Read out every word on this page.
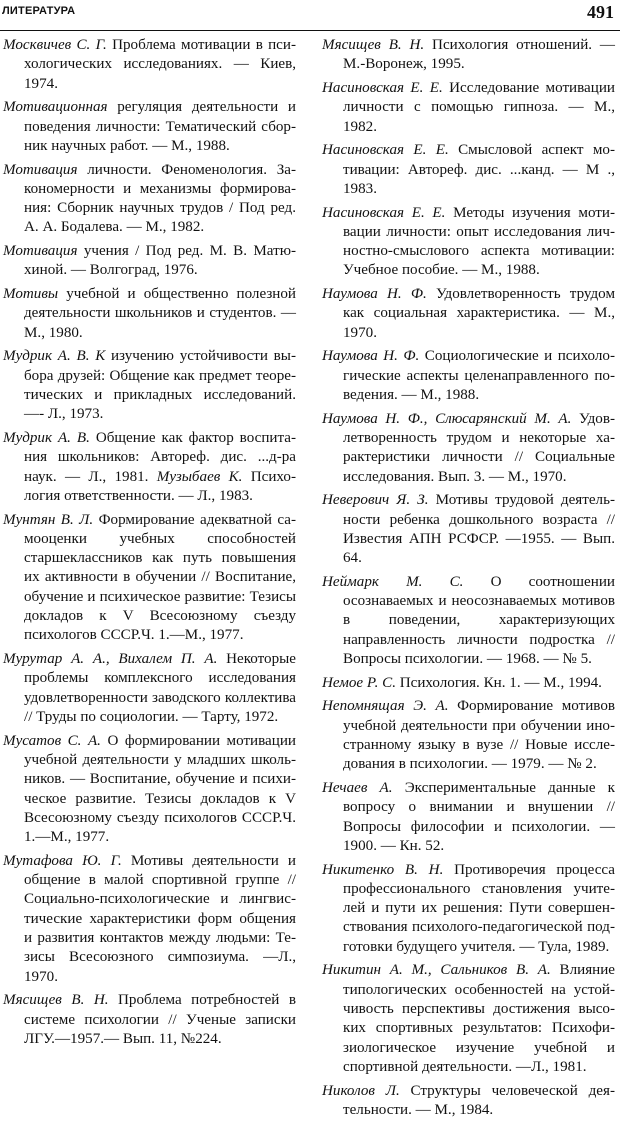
ЛИТЕРАТУРА	491

Москвичев С. Г. Проблема мотивации в психологических исследованиях. — Киев, 1974.

Мотивационная регуляция деятельности и поведения личности: Тематический сборник научных работ. — М., 1988.

Мотивация личности. Феноменология. Закономерности и механизмы формирования: Сборник научных трудов / Под ред. А. А. Бодалева. — М., 1982.

Мотивация учения / Под ред. М. В. Матюхиной. — Волгоград, 1976.

Мотивы учебной и общественно полезной деятельности школьников и студентов. — М., 1980.

Мудрик А. В. К изучению устойчивости выбора друзей: Общение как предмет теоретических и прикладных исследований. —- Л., 1973.

Мудрик А. В. Общение как фактор воспитания школьников: Автореф. дис. ...д-ра наук. — Л., 1981. Музыбаев К. Психология ответственности. — Л., 1983.

Мунтян В. Л. Формирование адекватной самооценки учебных способностей старшеклассников как путь повышения их активности в обучении // Воспитание, обучение и психическое развитие: Тезисы докладов к V Всесоюзному съезду психологов СССР.Ч. 1.—М., 1977.

Мурутар А. А., Вихалем П. А. Некоторые проблемы комплексного исследования удовлетворенности заводского коллектива // Труды по социологии. — Тарту, 1972.

Мусатов С. А. О формировании мотивации учебной деятельности у младших школьников. — Воспитание, обучение и психическое развитие. Тезисы докладов к V Всесоюзному съезду психологов СССР.Ч. 1.—М., 1977.

Мутафова Ю. Г. Мотивы деятельности и общение в малой спортивной группе // Социально-психологические и лингвистические характеристики форм общения и развития контактов между людьми: Тезисы Всесоюзного симпозиума. —Л., 1970.

Мясищев В. Н. Проблема потребностей в системе психологии // Ученые записки ЛГУ.—1957.— Вып. 11, №224.

Мясищев В. Н. Психология отношений. — М.-Воронеж, 1995.

Насиновская Е. Е. Исследование мотивации личности с помощью гипноза. — М., 1982.

Насиновская Е. Е. Смысловой аспект мотивации: Автореф. дис. ...канд. — М ., 1983.

Насиновская Е. Е. Методы изучения мотивации личности: опыт исследования личностно-смыслового аспекта мотивации: Учебное пособие. — М., 1988.

Наумова Н. Ф. Удовлетворенность трудом как социальная характеристика. — М., 1970.

Наумова Н. Ф. Социологические и психологические аспекты целенаправленного поведения. — М., 1988.

Наумова Н. Ф., Слюсарянский М. А. Удовлетворенность трудом и некоторые характеристики личности // Социальные исследования. Вып. 3. — М., 1970.

Неверович Я. З. Мотивы трудовой деятельности ребенка дошкольного возраста // Известия АПН РСФСР. —1955. — Вып. 64.

Неймарк М. С. О соотношении осознаваемых и неосознаваемых мотивов в поведении, характеризующих направленность личности подростка // Вопросы психологии. — 1968. — № 5.

Немое Р. С. Психология. Кн. 1. — М., 1994.

Непомнящая Э. А. Формирование мотивов учебной деятельности при обучении иностранному языку в вузе // Новые исследования в психологии. — 1979. — № 2.

Нечаев А. Экспериментальные данные к вопросу о внимании и внушении // Вопросы философии и психологии. — 1900. — Кн. 52.

Никитенко В. Н. Противоречия процесса профессионального становления учителей и пути их решения: Пути совершенствования психолого-педагогической подготовки будущего учителя. — Тула, 1989.

Никитин А. М., Сальников В. А. Влияние типологических особенностей на устойчивость перспективы достижения высоких спортивных результатов: Психофизиологическое изучение учебной и спортивной деятельности. —Л., 1981.

Николов Л. Структуры человеческой деятельности. — М., 1984.
